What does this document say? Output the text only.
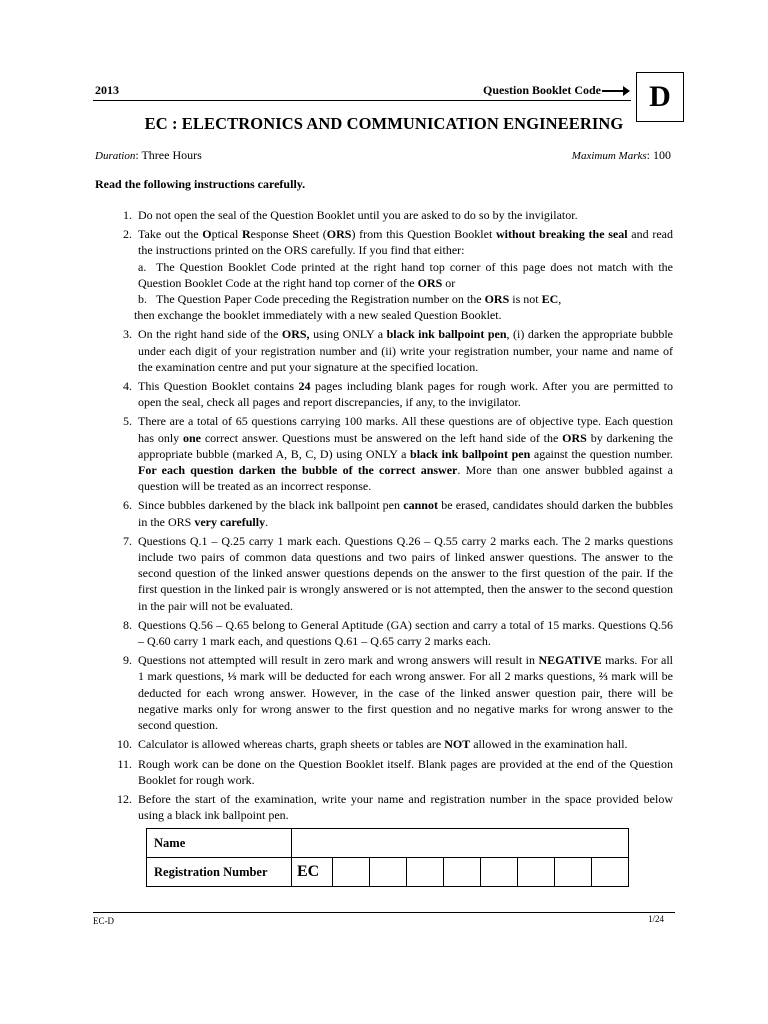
2013	Question Booklet Code	D
EC : ELECTRONICS AND COMMUNICATION ENGINEERING
Duration: Three Hours	Maximum Marks: 100
Read the following instructions carefully.
1. Do not open the seal of the Question Booklet until you are asked to do so by the invigilator.
2. Take out the Optical Response Sheet (ORS) from this Question Booklet without breaking the seal and read the instructions printed on the ORS carefully. If you find that either:
a. The Question Booklet Code printed at the right hand top corner of this page does not match with the Question Booklet Code at the right hand top corner of the ORS or
b. The Question Paper Code preceding the Registration number on the ORS is not EC,
then exchange the booklet immediately with a new sealed Question Booklet.
3. On the right hand side of the ORS, using ONLY a black ink ballpoint pen, (i) darken the appropriate bubble under each digit of your registration number and (ii) write your registration number, your name and name of the examination centre and put your signature at the specified location.
4. This Question Booklet contains 24 pages including blank pages for rough work. After you are permitted to open the seal, check all pages and report discrepancies, if any, to the invigilator.
5. There are a total of 65 questions carrying 100 marks. All these questions are of objective type. Each question has only one correct answer. Questions must be answered on the left hand side of the ORS by darkening the appropriate bubble (marked A, B, C, D) using ONLY a black ink ballpoint pen against the question number. For each question darken the bubble of the correct answer. More than one answer bubbled against a question will be treated as an incorrect response.
6. Since bubbles darkened by the black ink ballpoint pen cannot be erased, candidates should darken the bubbles in the ORS very carefully.
7. Questions Q.1 – Q.25 carry 1 mark each. Questions Q.26 – Q.55 carry 2 marks each. The 2 marks questions include two pairs of common data questions and two pairs of linked answer questions. The answer to the second question of the linked answer questions depends on the answer to the first question of the pair. If the first question in the linked pair is wrongly answered or is not attempted, then the answer to the second question in the pair will not be evaluated.
8. Questions Q.56 – Q.65 belong to General Aptitude (GA) section and carry a total of 15 marks. Questions Q.56 – Q.60 carry 1 mark each, and questions Q.61 – Q.65 carry 2 marks each.
9. Questions not attempted will result in zero mark and wrong answers will result in NEGATIVE marks. For all 1 mark questions, ⅓ mark will be deducted for each wrong answer. For all 2 marks questions, ⅔ mark will be deducted for each wrong answer. However, in the case of the linked answer question pair, there will be negative marks only for wrong answer to the first question and no negative marks for wrong answer to the second question.
10. Calculator is allowed whereas charts, graph sheets or tables are NOT allowed in the examination hall.
11. Rough work can be done on the Question Booklet itself. Blank pages are provided at the end of the Question Booklet for rough work.
12. Before the start of the examination, write your name and registration number in the space provided below using a black ink ballpoint pen.
Name									
Registration Number	EC								
EC-D	1/24
